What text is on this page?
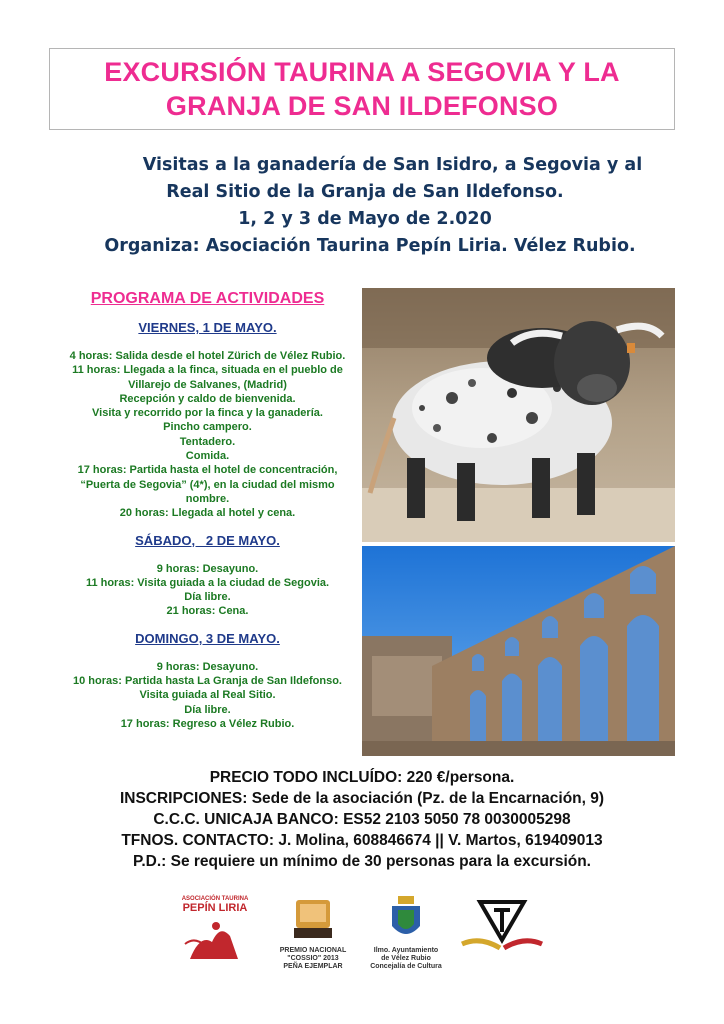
EXCURSIÓN TAURINA A SEGOVIA Y LA
GRANJA DE SAN ILDEFONSO
Visitas a la ganadería de San Isidro, a Segovia y al
Real Sitio de la Granja de San Ildefonso.
1, 2 y 3 de Mayo de 2.020
Organiza: Asociación Taurina Pepín Liria. Vélez Rubio.
PROGRAMA DE ACTIVIDADES
VIERNES, 1 DE MAYO.

4 horas: Salida desde el hotel Zürich de Vélez Rubio.

11 horas: Llegada a la finca, situada en el pueblo de

Villarejo de Salvanes, (Madrid)

Recepción y caldo de bienvenida.

Visita y recorrido por la finca y la ganadería.

Pincho campero.

Tentadero.

Comida.

17 horas: Partida hasta el hotel de concentración,

“Puerta de Segovia” (4*), en la ciudad del mismo

nombre.

20 horas: Llegada al hotel y cena.

SÁBADO,   2 DE MAYO.

9 horas: Desayuno.

11 horas: Visita guiada a la ciudad de Segovia.

Día libre.

21 horas: Cena.

DOMINGO, 3 DE MAYO.

9 horas: Desayuno.

10 horas: Partida hasta La Granja de San Ildefonso.

Visita guiada al Real Sitio.

Día libre.

17 horas: Regreso a Vélez Rubio.

PRECIO TODO INCLUÍDO: 220 €/persona.
INSCRIPCIONES: Sede de la asociación (Pz. de la Encarnación, 9)
C.C.C. UNICAJA BANCO: ES52 2103 5050 78 0030005298
TFNOS. CONTACTO: J. Molina, 608846674 || V. Martos, 619409013
P.D.: Se requiere un mínimo de 30 personas para la excursión.
ASOCIACIÓN TAURINA
PEPÍN LIRIA
PREMIO NACIONAL
"COSSIO" 2013
PEÑA EJEMPLAR
Ilmo. Ayuntamiento
de Vélez Rubio
Concejalía de Cultura
